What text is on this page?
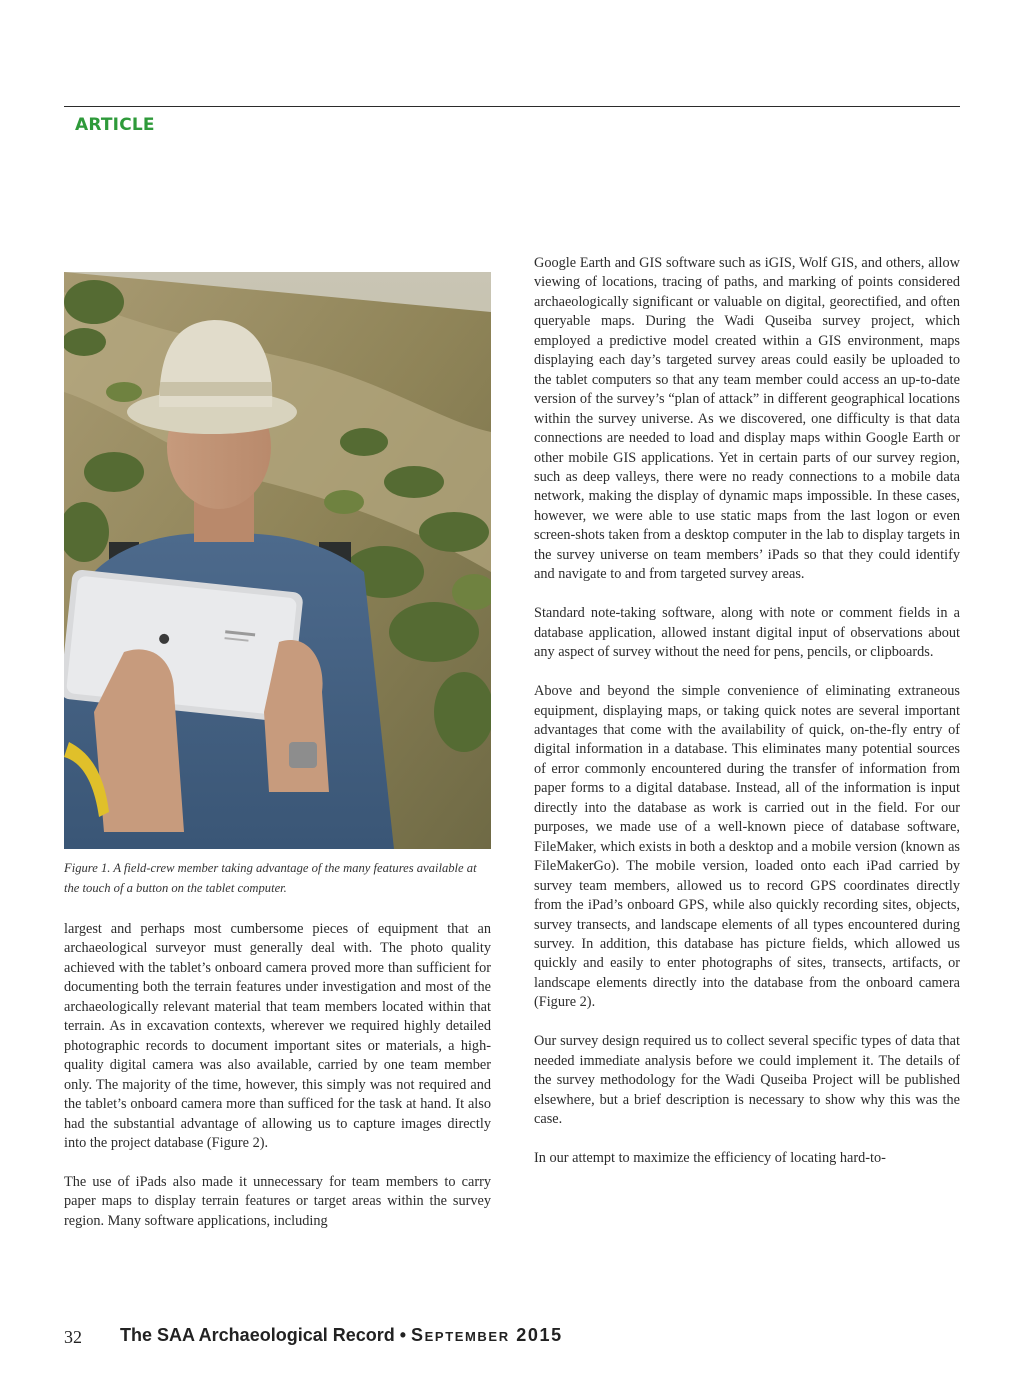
ARTICLE
Figure 1. A field-crew member taking advantage of the many features available at the touch of a button on the tablet computer.

largest and perhaps most cumbersome pieces of equipment that an archaeological surveyor must generally deal with. The photo quality achieved with the tablet’s onboard camera proved more than sufficient for documenting both the terrain features under investigation and most of the archaeologically relevant material that team members located within that terrain. As in excavation contexts, wherever we required highly detailed photographic records to document important sites or materials, a high-quality digital camera was also available, carried by one team member only. The majority of the time, however, this simply was not required and the tablet’s onboard camera more than sufficed for the task at hand. It also had the substantial advantage of allowing us to capture images directly into the project database (Figure 2).

The use of iPads also made it unnecessary for team members to carry paper maps to display terrain features or target areas within the survey region. Many software applications, including

Google Earth and GIS software such as iGIS, Wolf GIS, and others, allow viewing of locations, tracing of paths, and marking of points considered archaeologically significant or valuable on digital, georectified, and often queryable maps. During the Wadi Quseiba survey project, which employed a predictive model created within a GIS environment, maps displaying each day’s targeted survey areas could easily be uploaded to the tablet computers so that any team member could access an up-to-date version of the survey’s “plan of attack” in different geographical locations within the survey universe. As we discovered, one difficulty is that data connections are needed to load and display maps within Google Earth or other mobile GIS applications. Yet in certain parts of our survey region, such as deep valleys, there were no ready connections to a mobile data network, making the display of dynamic maps impossible. In these cases, however, we were able to use static maps from the last logon or even screen-shots taken from a desktop computer in the lab to display targets in the survey universe on team members’ iPads so that they could identify and navigate to and from targeted survey areas.

Standard note-taking software, along with note or comment fields in a database application, allowed instant digital input of observations about any aspect of survey without the need for pens, pencils, or clipboards.

Above and beyond the simple convenience of eliminating extraneous equipment, displaying maps, or taking quick notes are several important advantages that come with the availability of quick, on-the-fly entry of digital information in a database. This eliminates many potential sources of error commonly encountered during the transfer of information from paper forms to a digital database. Instead, all of the information is input directly into the database as work is carried out in the field. For our purposes, we made use of a well-known piece of database software, FileMaker, which exists in both a desktop and a mobile version (known as FileMakerGo). The mobile version, loaded onto each iPad carried by survey team members, allowed us to record GPS coordinates directly from the iPad’s onboard GPS, while also quickly recording sites, objects, survey transects, and landscape elements of all types encountered during survey. In addition, this database has picture fields, which allowed us quickly and easily to enter photographs of sites, transects, artifacts, or landscape elements directly into the database from the onboard camera (Figure 2).

Our survey design required us to collect several specific types of data that needed immediate analysis before we could implement it. The details of the survey methodology for the Wadi Quseiba Project will be published elsewhere, but a brief description is necessary to show why this was the case.

In our attempt to maximize the efficiency of locating hard-to-

32 The SAA Archaeological Record • September 2015
